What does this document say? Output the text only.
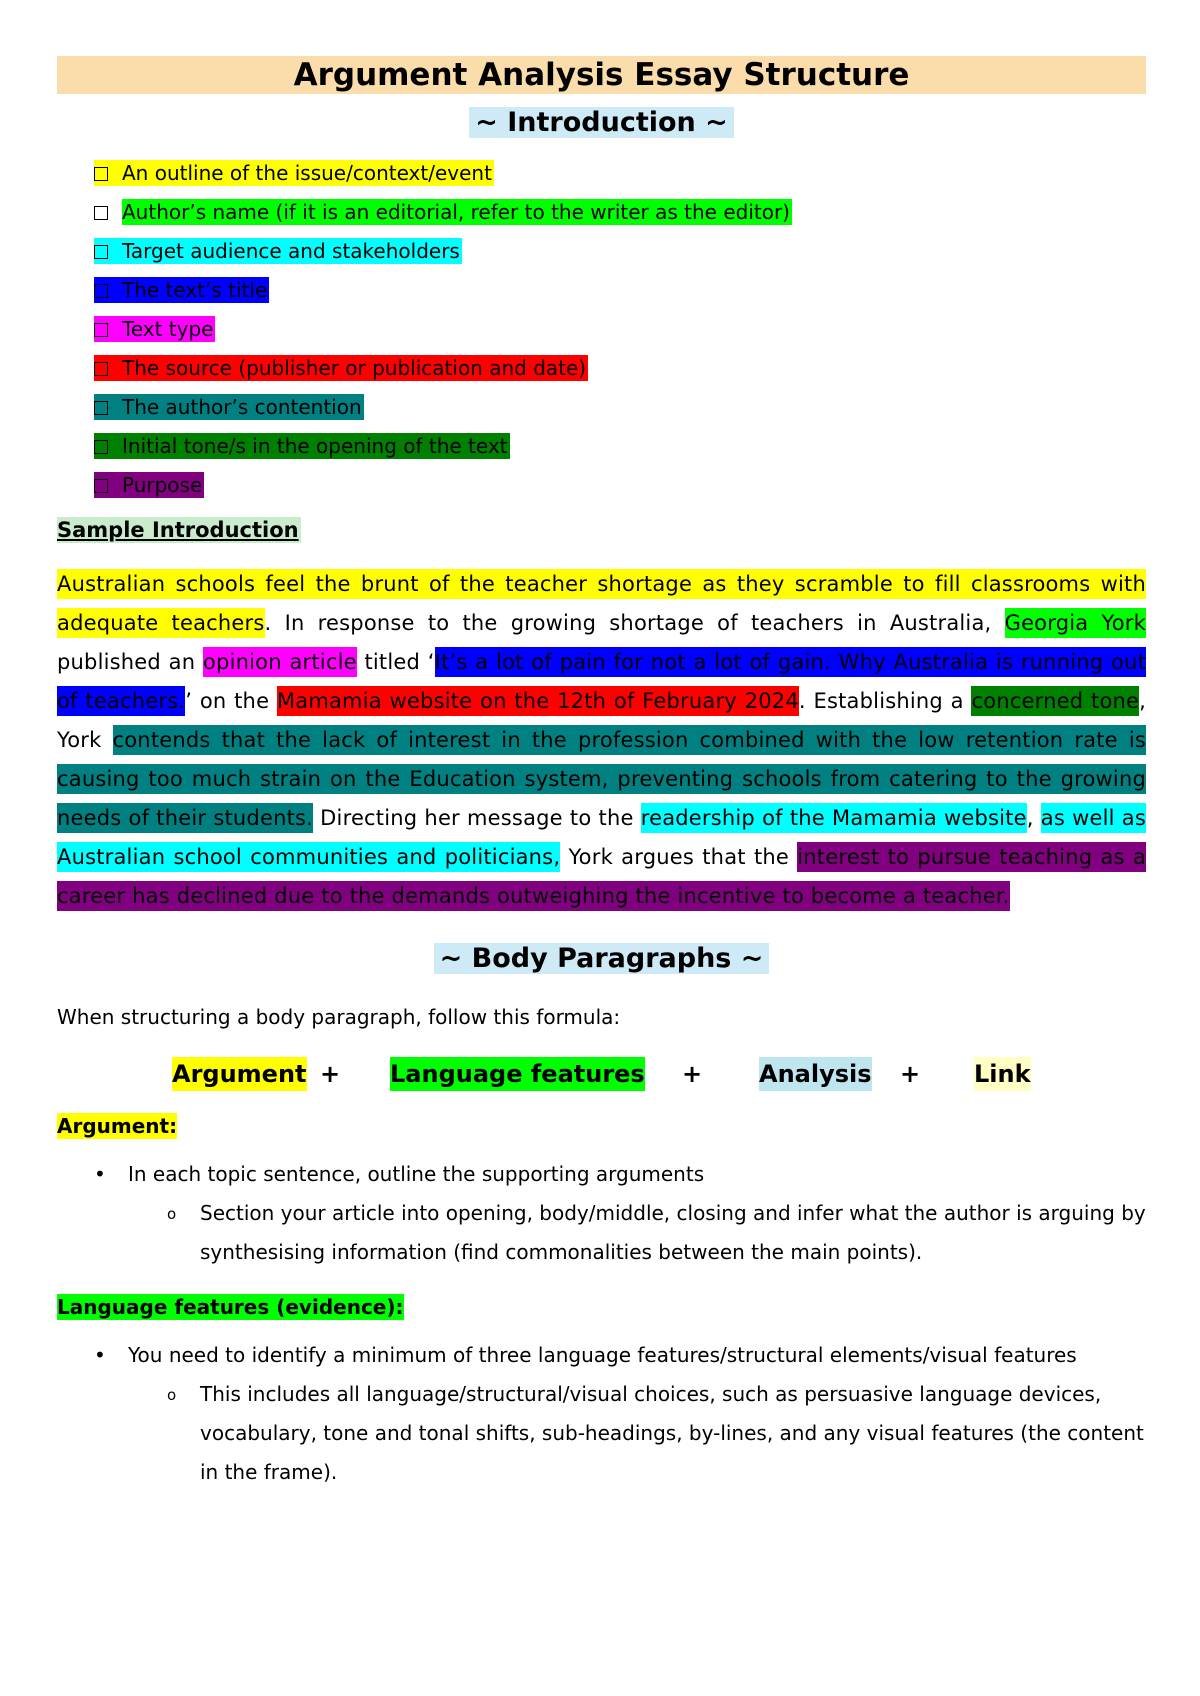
Argument Analysis Essay Structure
~ Introduction ~
An outline of the issue/context/event
Author’s name (if it is an editorial, refer to the writer as the editor)
Target audience and stakeholders
The text’s title
Text type
The source (publisher or publication and date)
The author’s contention
Initial tone/s in the opening of the text
Purpose
Sample Introduction

Australian schools feel the brunt of the teacher shortage as they scramble to fill classrooms with adequate teachers. In response to the growing shortage of teachers in Australia, Georgia York published an opinion article titled ‘It’s a lot of pain for not a lot of gain. Why Australia is running out of teachers.’ on the Mamamia website on the 12th of February 2024. Establishing a concerned tone, York contends that the lack of interest in the profession combined with the low retention rate is causing too much strain on the Education system, preventing schools from catering to the growing needs of their students. Directing her message to the readership of the Mamamia website, as well as Australian school communities and politicians, York argues that the interest to pursue teaching as a career has declined due to the demands outweighing the incentive to become a teacher.

~ Body Paragraphs ~

When structuring a body paragraph, follow this formula:

Argument + Language features + Analysis + Link
Argument:
• In each topic sentence, outline the supporting arguments
o Section your article into opening, body/middle, closing and infer what the author is arguing by synthesising information (find commonalities between the main points).
Language features (evidence):
• You need to identify a minimum of three language features/structural elements/visual features
o This includes all language/structural/visual choices, such as persuasive language devices, vocabulary, tone and tonal shifts, sub-headings, by-lines, and any visual features (the content in the frame).
